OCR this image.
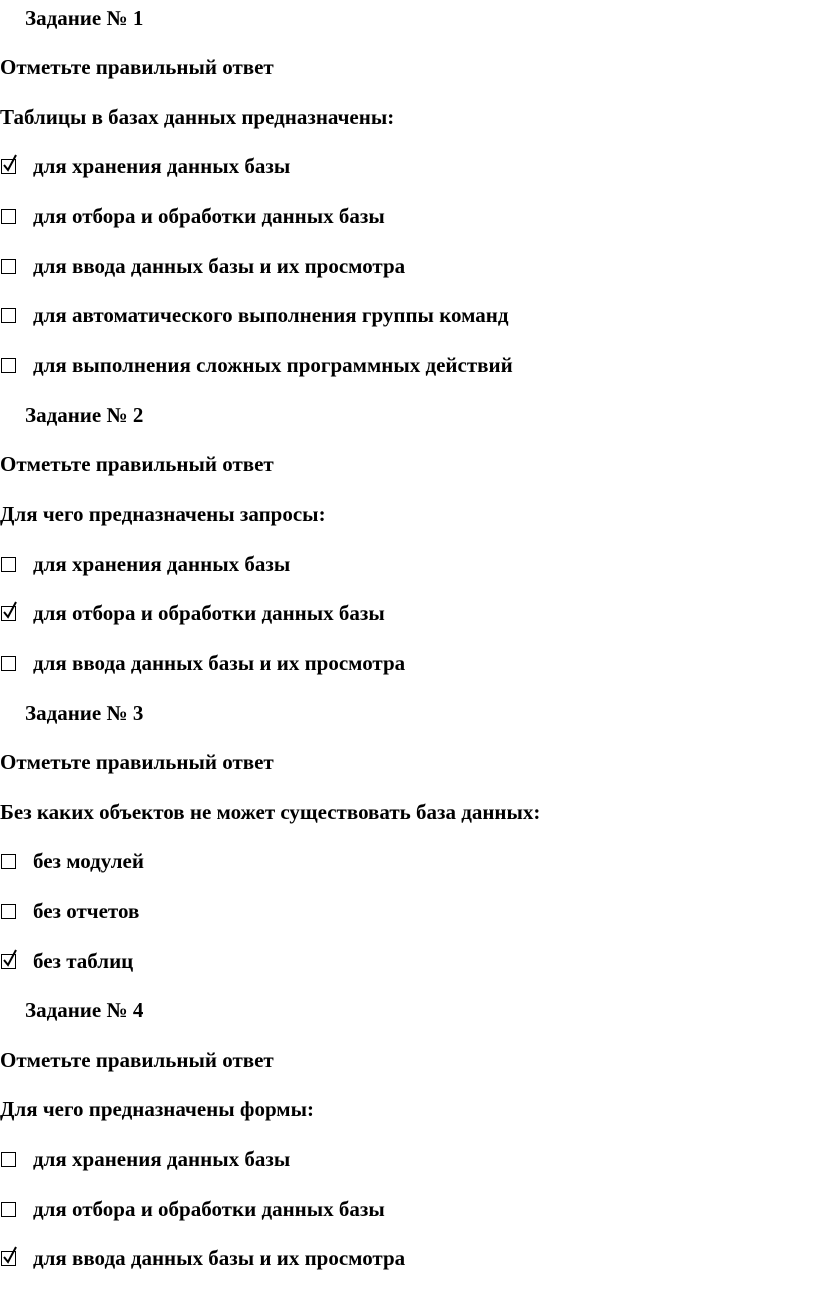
Задание № 1
Отметьте правильный ответ
Таблицы в базах данных предназначены:
для хранения данных базы
для отбора и обработки данных базы
для ввода данных базы и их просмотра
для автоматического выполнения группы команд
для выполнения сложных программных действий
Задание № 2
Отметьте правильный ответ
Для чего предназначены запросы:
для хранения данных базы
для отбора и обработки данных базы
для ввода данных базы и их просмотра
Задание № 3
Отметьте правильный ответ
Без каких объектов не может существовать база данных:
без модулей
без отчетов
без таблиц
Задание № 4
Отметьте правильный ответ
Для чего предназначены формы:
для хранения данных базы
для отбора и обработки данных базы
для ввода данных базы и их просмотра
